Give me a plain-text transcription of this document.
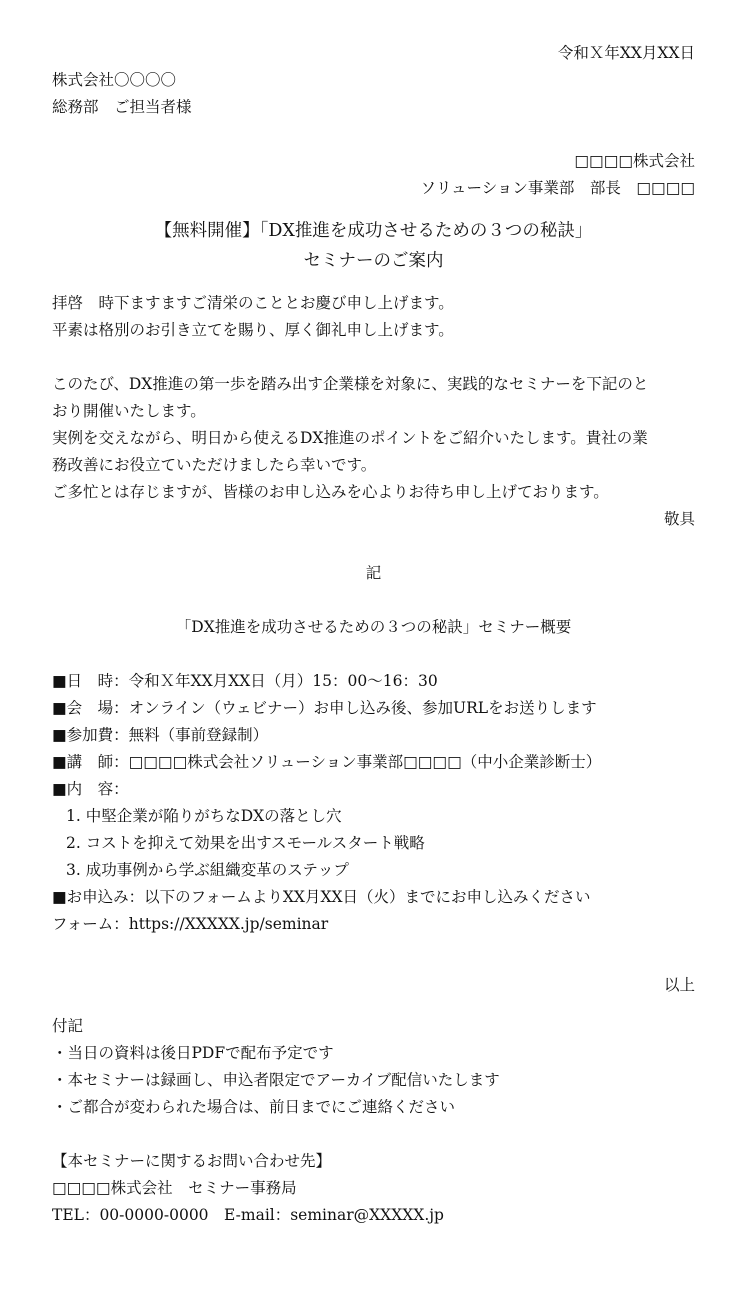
令和Ｘ年XX月XX日
株式会社〇〇〇〇
総務部　ご担当者様
□□□□株式会社
ソリューション事業部　部長　□□□□
【無料開催】「DX推進を成功させるための３つの秘訣」
セミナーのご案内
拝啓　時下ますますご清栄のこととお慶び申し上げます。
平素は格別のお引き立てを賜り、厚く御礼申し上げます。
このたび、DX推進の第一歩を踏み出す企業様を対象に、実践的なセミナーを下記のと
おり開催いたします。
実例を交えながら、明日から使えるDX推進のポイントをご紹介いたします。貴社の業
務改善にお役立ていただけましたら幸いです。
ご多忙とは存じますが、皆様のお申し込みを心よりお待ち申し上げております。
敬具
記
「DX推進を成功させるための３つの秘訣」セミナー概要
■日　時：令和Ｘ年XX月XX日（月）15：00〜16：30
■会　場：オンライン（ウェビナー）お申し込み後、参加URLをお送りします
■参加費：無料（事前登録制）
■講　師：□□□□株式会社ソリューション事業部□□□□（中小企業診断士）
■内　容：
1. 中堅企業が陥りがちなDXの落とし穴
2. コストを抑えて効果を出すスモールスタート戦略
3. 成功事例から学ぶ組織変革のステップ
■お申込み：以下のフォームよりXX月XX日（火）までにお申し込みください
フォーム：https://XXXXX.jp/seminar
以上
付記
・当日の資料は後日PDFで配布予定です
・本セミナーは録画し、申込者限定でアーカイブ配信いたします
・ご都合が変わられた場合は、前日までにご連絡ください
【本セミナーに関するお問い合わせ先】
□□□□株式会社　セミナー事務局
TEL：00-0000-0000　E-mail：seminar@XXXXX.jp
